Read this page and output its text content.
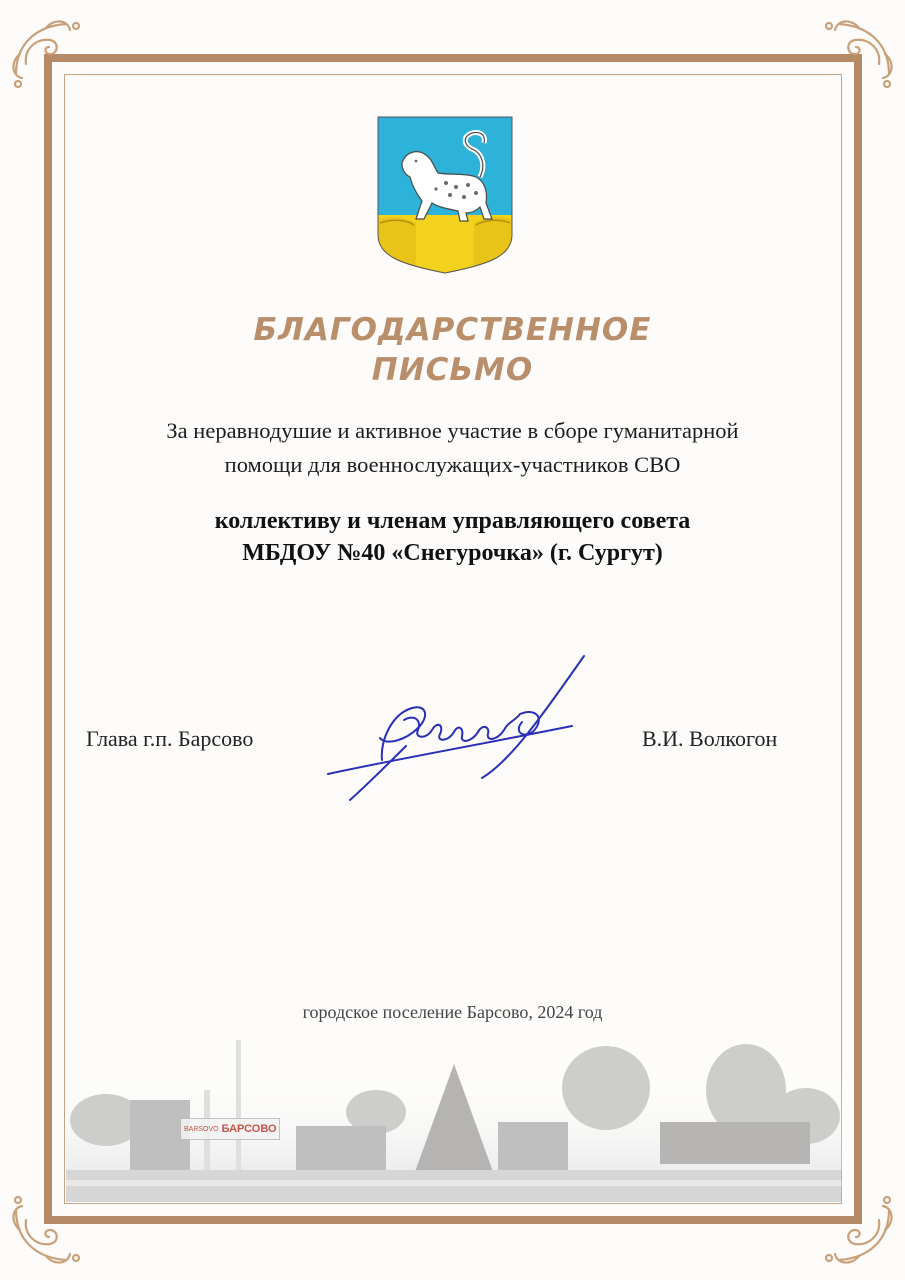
БЛАГОДАРСТВЕННОЕ
ПИСЬМО
За неравнодушие и активное участие в сборе гуманитарной
помощи для военнослужащих-участников СВО
коллективу и членам управляющего совета
МБДОУ №40 «Снегурочка» (г. Сургут)
Глава г.п. Барсово	В.И. Волкогон
городское поселение Барсово, 2024 год
BARSOVO БАРСОВО
